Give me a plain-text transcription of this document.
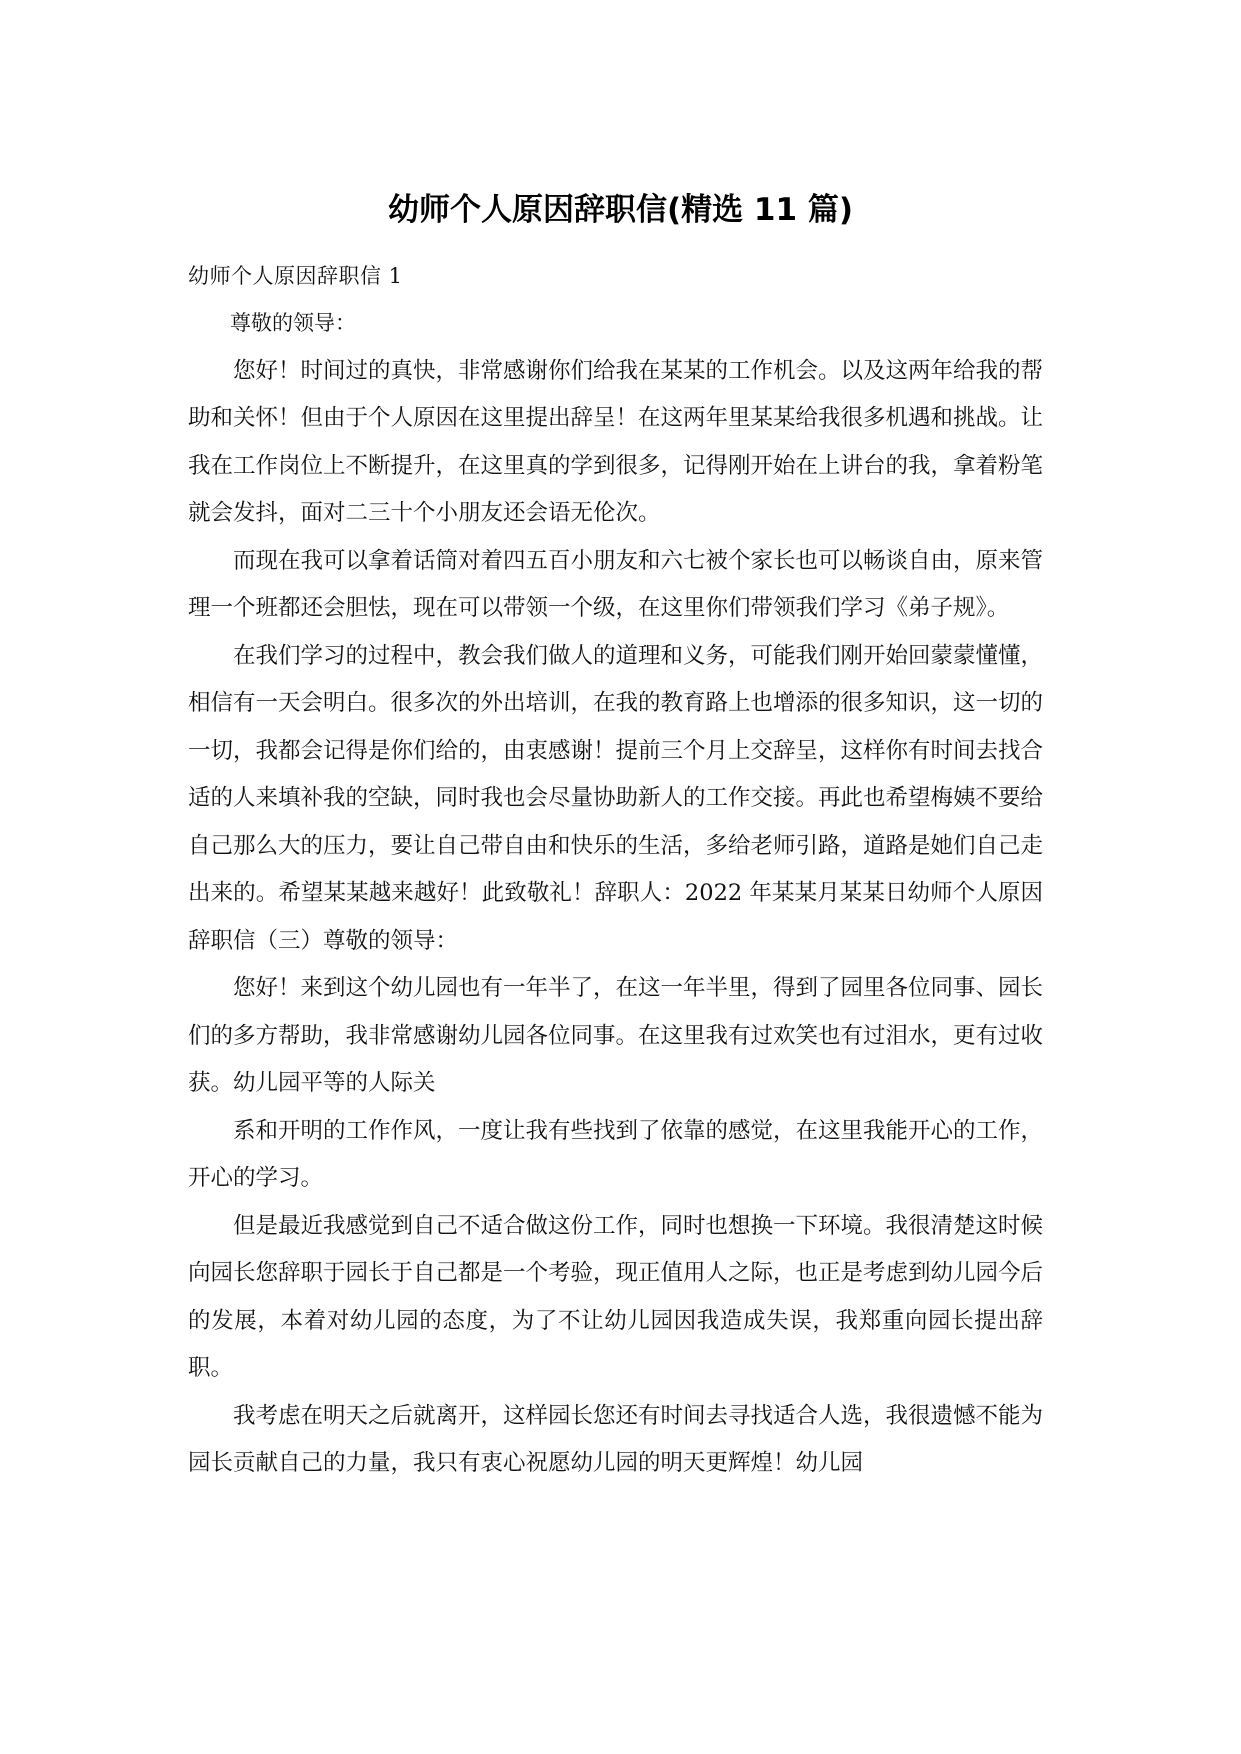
幼师个人原因辞职信(精选 11 篇)

幼师个人原因辞职信 1

尊敬的领导：

您好！时间过的真快，非常感谢你们给我在某某的工作机会。以及这两年给我的帮助和关怀！但由于个人原因在这里提出辞呈！在这两年里某某给我很多机遇和挑战。让我在工作岗位上不断提升，在这里真的学到很多，记得刚开始在上讲台的我，拿着粉笔就会发抖，面对二三十个小朋友还会语无伦次。

而现在我可以拿着话筒对着四五百小朋友和六七被个家长也可以畅谈自由，原来管理一个班都还会胆怯，现在可以带领一个级，在这里你们带领我们学习《弟子规》。

在我们学习的过程中，教会我们做人的道理和义务，可能我们刚开始回蒙蒙懂懂，相信有一天会明白。很多次的外出培训，在我的教育路上也增添的很多知识，这一切的一切，我都会记得是你们给的，由衷感谢！提前三个月上交辞呈，这样你有时间去找合适的人来填补我的空缺，同时我也会尽量协助新人的工作交接。再此也希望梅姨不要给自己那么大的压力，要让自己带自由和快乐的生活，多给老师引路，道路是她们自己走出来的。希望某某越来越好！此致敬礼！辞职人：2022 年某某月某某日幼师个人原因辞职信（三）尊敬的领导：

您好！来到这个幼儿园也有一年半了，在这一年半里，得到了园里各位同事、园长们的多方帮助，我非常感谢幼儿园各位同事。在这里我有过欢笑也有过泪水，更有过收获。幼儿园平等的人际关

系和开明的工作作风，一度让我有些找到了依靠的感觉，在这里我能开心的工作，开心的学习。

但是最近我感觉到自己不适合做这份工作，同时也想换一下环境。我很清楚这时候向园长您辞职于园长于自己都是一个考验，现正值用人之际，也正是考虑到幼儿园今后的发展，本着对幼儿园的态度，为了不让幼儿园因我造成失误，我郑重向园长提出辞职。

我考虑在明天之后就离开，这样园长您还有时间去寻找适合人选，我很遗憾不能为园长贡献自己的力量，我只有衷心祝愿幼儿园的明天更辉煌！幼儿园
